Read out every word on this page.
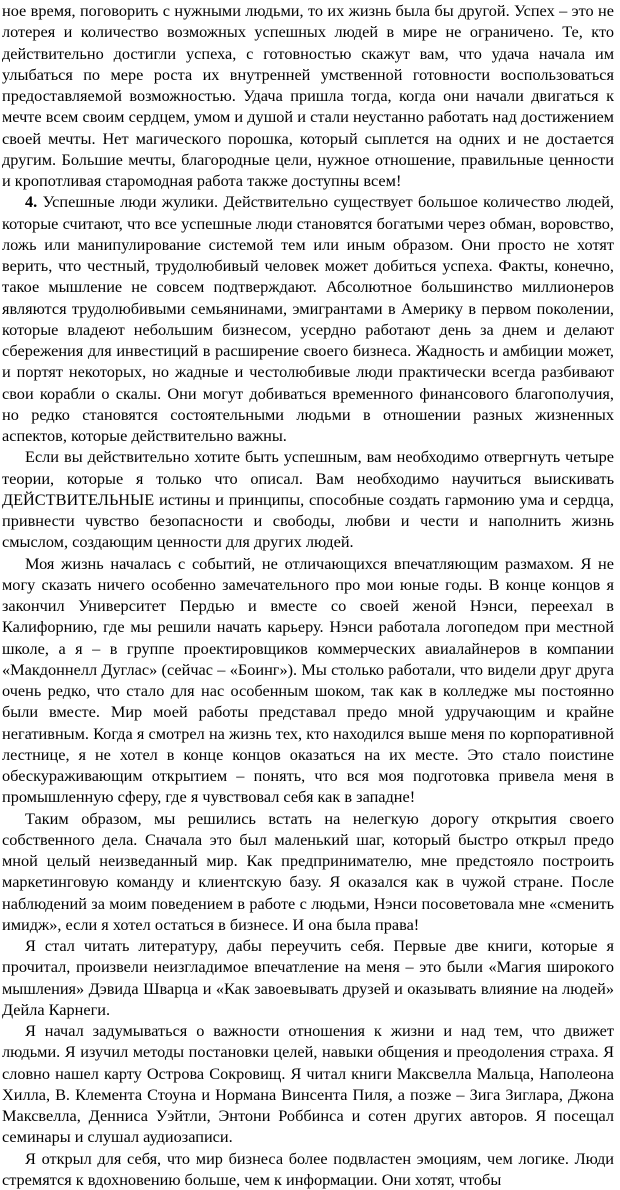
ное время, поговорить с нужными людьми, то их жизнь была бы другой. Успех – это не лотерея и количество возможных успешных людей в мире не ограничено. Те, кто действительно достигли успеха, с готовностью скажут вам, что удача начала им улыбаться по мере роста их внутренней умственной готовности воспользоваться предоставляемой возможностью. Удача пришла тогда, когда они начали двигаться к мечте всем своим сердцем, умом и душой и стали неустанно работать над достижением своей мечты. Нет магического порошка, который сыплется на одних и не достается другим. Большие мечты, благородные цели, нужное отношение, правильные ценности и кропотливая старомодная работа также доступны всем!

4. Успешные люди жулики. Действительно существует большое количество людей, которые считают, что все успешные люди становятся богатыми через обман, воровство, ложь или манипулирование системой тем или иным образом. Они просто не хотят верить, что честный, трудолюбивый человек может добиться успеха. Факты, конечно, такое мышление не совсем подтверждают. Абсолютное большинство миллионеров являются трудолюбивыми семьянинами, эмигрантами в Америку в первом поколении, которые владеют небольшим бизнесом, усердно работают день за днем и делают сбережения для инвестиций в расширение своего бизнеса. Жадность и амбиции может, и портят некоторых, но жадные и честолюбивые люди практически всегда разбивают свои корабли о скалы. Они могут добиваться временного финансового благополучия, но редко становятся состоятельными людьми в отношении разных жизненных аспектов, которые действительно важны.

Если вы действительно хотите быть успешным, вам необходимо отвергнуть четыре теории, которые я только что описал. Вам необходимо научиться выискивать ДЕЙСТВИТЕЛЬНЫЕ истины и принципы, способные создать гармонию ума и сердца, привнести чувство безопасности и свободы, любви и чести и наполнить жизнь смыслом, создающим ценности для других людей.

Моя жизнь началась с событий, не отличающихся впечатляющим размахом. Я не могу сказать ничего особенно замечательного про мои юные годы. В конце концов я закончил Университет Пердью и вместе со своей женой Нэнси, переехал в Калифорнию, где мы решили начать карьеру. Нэнси работала логопедом при местной школе, а я – в группе проектировщиков коммерческих авиалайнеров в компании «Макдоннелл Дуглас» (сейчас – «Боинг»). Мы столько работали, что видели друг друга очень редко, что стало для нас особенным шоком, так как в колледже мы постоянно были вместе. Мир моей работы представал предо мной удручающим и крайне негативным. Когда я смотрел на жизнь тех, кто находился выше меня по корпоративной лестнице, я не хотел в конце концов оказаться на их месте. Это стало поистине обескураживающим открытием – понять, что вся моя подготовка привела меня в промышленную сферу, где я чувствовал себя как в западне!

Таким образом, мы решились встать на нелегкую дорогу открытия своего собственного дела. Сначала это был маленький шаг, который быстро открыл предо мной целый неизведанный мир. Как предпринимателю, мне предстояло построить маркетинговую команду и клиентскую базу. Я оказался как в чужой стране. После наблюдений за моим поведением в работе с людьми, Нэнси посоветовала мне «сменить имидж», если я хотел остаться в бизнесе. И она была права!

Я стал читать литературу, дабы переучить себя. Первые две книги, которые я прочитал, произвели неизгладимое впечатление на меня – это были «Магия широкого мышления» Дэвида Шварца и «Как завоевывать друзей и оказывать влияние на людей» Дейла Карнеги.

Я начал задумываться о важности отношения к жизни и над тем, что движет людьми. Я изучил методы постановки целей, навыки общения и преодоления страха. Я словно нашел карту Острова Сокровищ. Я читал книги Максвелла Мальца, Наполеона Хилла, В. Клемента Стоуна и Нормана Винсента Пиля, а позже – Зига Зиглара, Джона Максвелла, Денниса Уэйтли, Энтони Роббинса и сотен других авторов. Я посещал семинары и слушал аудиозаписи.

Я открыл для себя, что мир бизнеса более подвластен эмоциям, чем логике. Люди стремятся к вдохновению больше, чем к информации. Они хотят, чтобы
